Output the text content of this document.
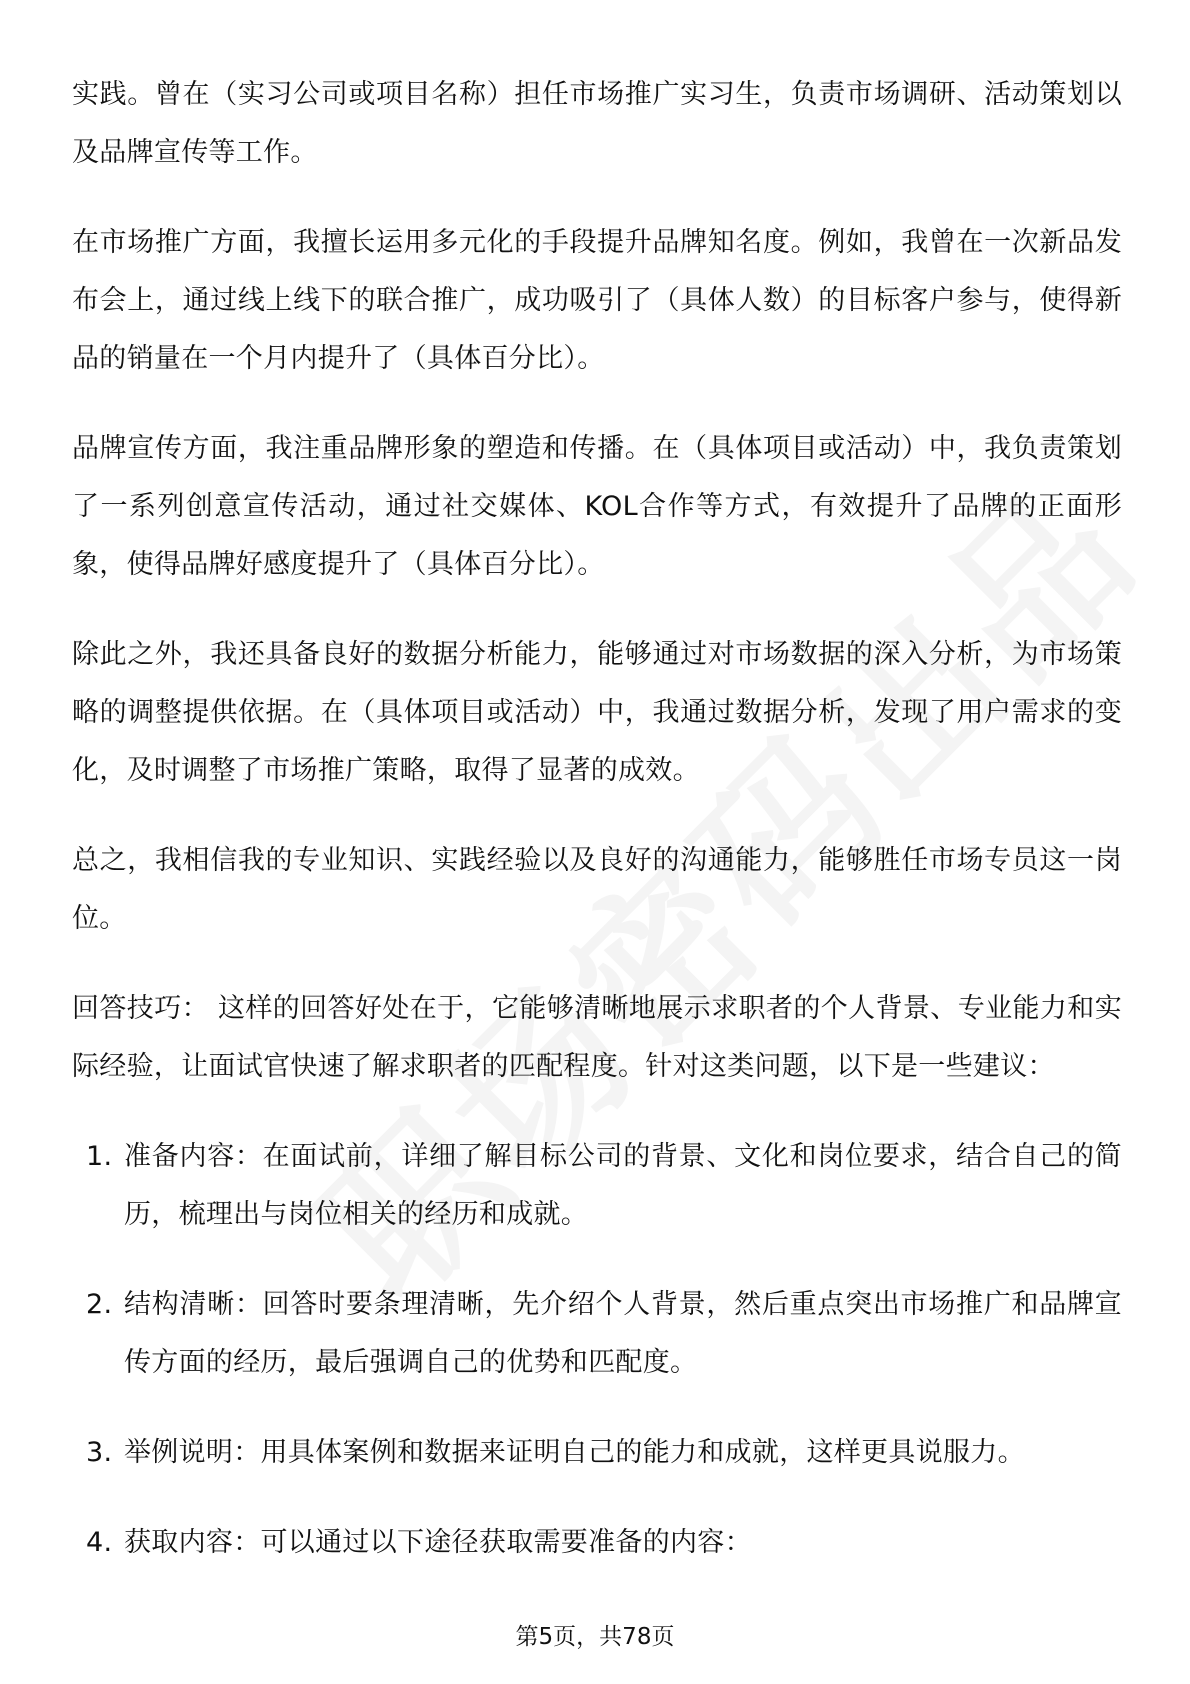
实践。曾在（实习公司或项目名称）担任市场推广实习生，负责市场调研、活动策划以及品牌宣传等工作。

在市场推广方面，我擅长运用多元化的手段提升品牌知名度。例如，我曾在一次新品发布会上，通过线上线下的联合推广，成功吸引了（具体人数）的目标客户参与，使得新品的销量在一个月内提升了（具体百分比）。

品牌宣传方面，我注重品牌形象的塑造和传播。在（具体项目或活动）中，我负责策划了一系列创意宣传活动，通过社交媒体、KOL合作等方式，有效提升了品牌的正面形象，使得品牌好感度提升了（具体百分比）。

除此之外，我还具备良好的数据分析能力，能够通过对市场数据的深入分析，为市场策略的调整提供依据。在（具体项目或活动）中，我通过数据分析，发现了用户需求的变化，及时调整了市场推广策略，取得了显著的成效。

总之，我相信我的专业知识、实践经验以及良好的沟通能力，能够胜任市场专员这一岗位。

回答技巧： 这样的回答好处在于，它能够清晰地展示求职者的个人背景、专业能力和实际经验，让面试官快速了解求职者的匹配程度。针对这类问题，以下是一些建议：

1. 准备内容：在面试前，详细了解目标公司的背景、文化和岗位要求，结合自己的简历，梳理出与岗位相关的经历和成就。
2. 结构清晰：回答时要条理清晰，先介绍个人背景，然后重点突出市场推广和品牌宣传方面的经历，最后强调自己的优势和匹配度。
3. 举例说明：用具体案例和数据来证明自己的能力和成就，这样更具说服力。
4. 获取内容：可以通过以下途径获取需要准备的内容：
第5页，共78页
